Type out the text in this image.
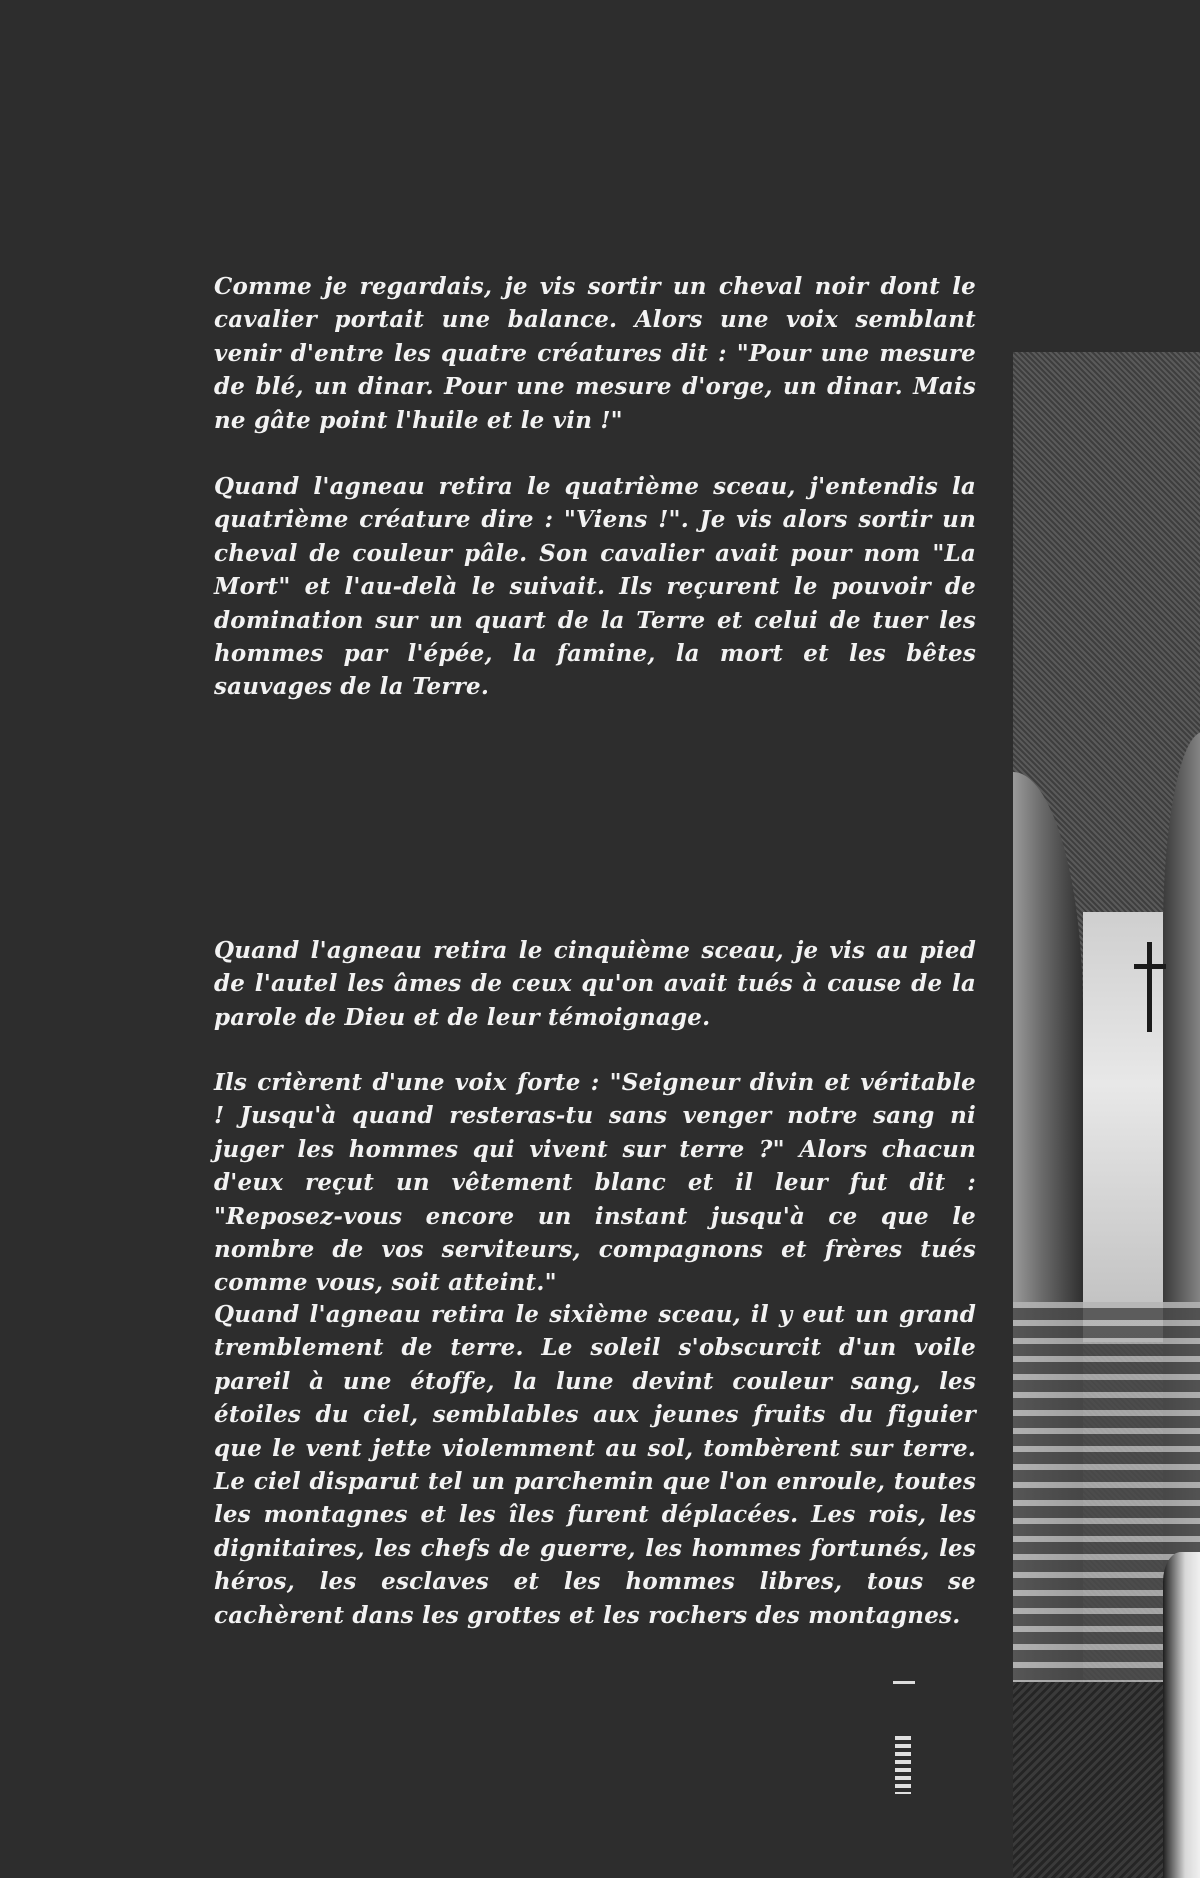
Comme je regardais, je vis sortir un cheval noir dont le cavalier portait une balance. Alors une voix semblant venir d'entre les quatre créatures dit : "Pour une mesure de blé, un dinar. Pour une mesure d'orge, un dinar. Mais ne gâte point l'huile et le vin !"

Quand l'agneau retira le quatrième sceau, j'entendis la quatrième créature dire : "Viens !". Je vis alors sortir un cheval de couleur pâle. Son cavalier avait pour nom "La Mort" et l'au-delà le suivait. Ils reçurent le pouvoir de domination sur un quart de la Terre et celui de tuer les hommes par l'épée, la famine, la mort et les bêtes sauvages de la Terre.

Quand l'agneau retira le cinquième sceau, je vis au pied de l'autel les âmes de ceux qu'on avait tués à cause de la parole de Dieu et de leur témoignage.

Ils crièrent d'une voix forte : "Seigneur divin et véritable ! Jusqu'à quand resteras-tu sans venger notre sang ni juger les hommes qui vivent sur terre ?" Alors chacun d'eux reçut un vêtement blanc et il leur fut dit : "Reposez-vous encore un instant jusqu'à ce que le nombre de vos serviteurs, compagnons et frères tués comme vous, soit atteint."

Quand l'agneau retira le sixième sceau, il y eut un grand tremblement de terre. Le soleil s'obscurcit d'un voile pareil à une étoffe, la lune devint couleur sang, les étoiles du ciel, semblables aux jeunes fruits du figuier que le vent jette violemment au sol, tombèrent sur terre. Le ciel disparut tel un parchemin que l'on enroule, toutes les montagnes et les îles furent déplacées. Les rois, les dignitaires, les chefs de guerre, les hommes fortunés, les héros, les esclaves et les hommes libres, tous se cachèrent dans les grottes et les rochers des montagnes.
